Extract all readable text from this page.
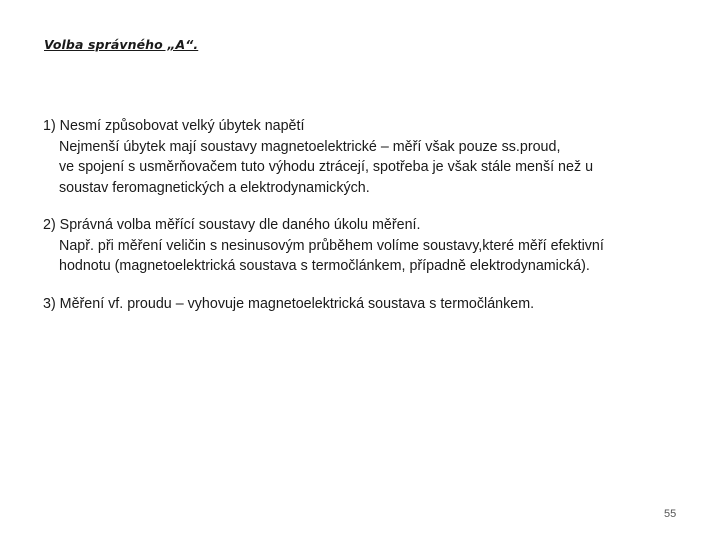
Volba správného „A“.
1) Nesmí způsobovat velký úbytek napětí
Nejmenší úbytek mají soustavy magnetoelektrické – měří však pouze ss.proud,
ve spojení s usměrňovačem tuto výhodu ztrácejí, spotřeba je však stále menší než u
soustav feromagnetických a elektrodynamických.
2) Správná volba měřící soustavy dle daného úkolu měření.
Např. při měření veličin s nesinusovým průběhem volíme soustavy,které měří efektivní
hodnotu (magnetoelektrická soustava s termočlánkem, případně elektrodynamická).
3) Měření vf. proudu – vyhovuje magnetoelektrická soustava s termočlánkem.
55
